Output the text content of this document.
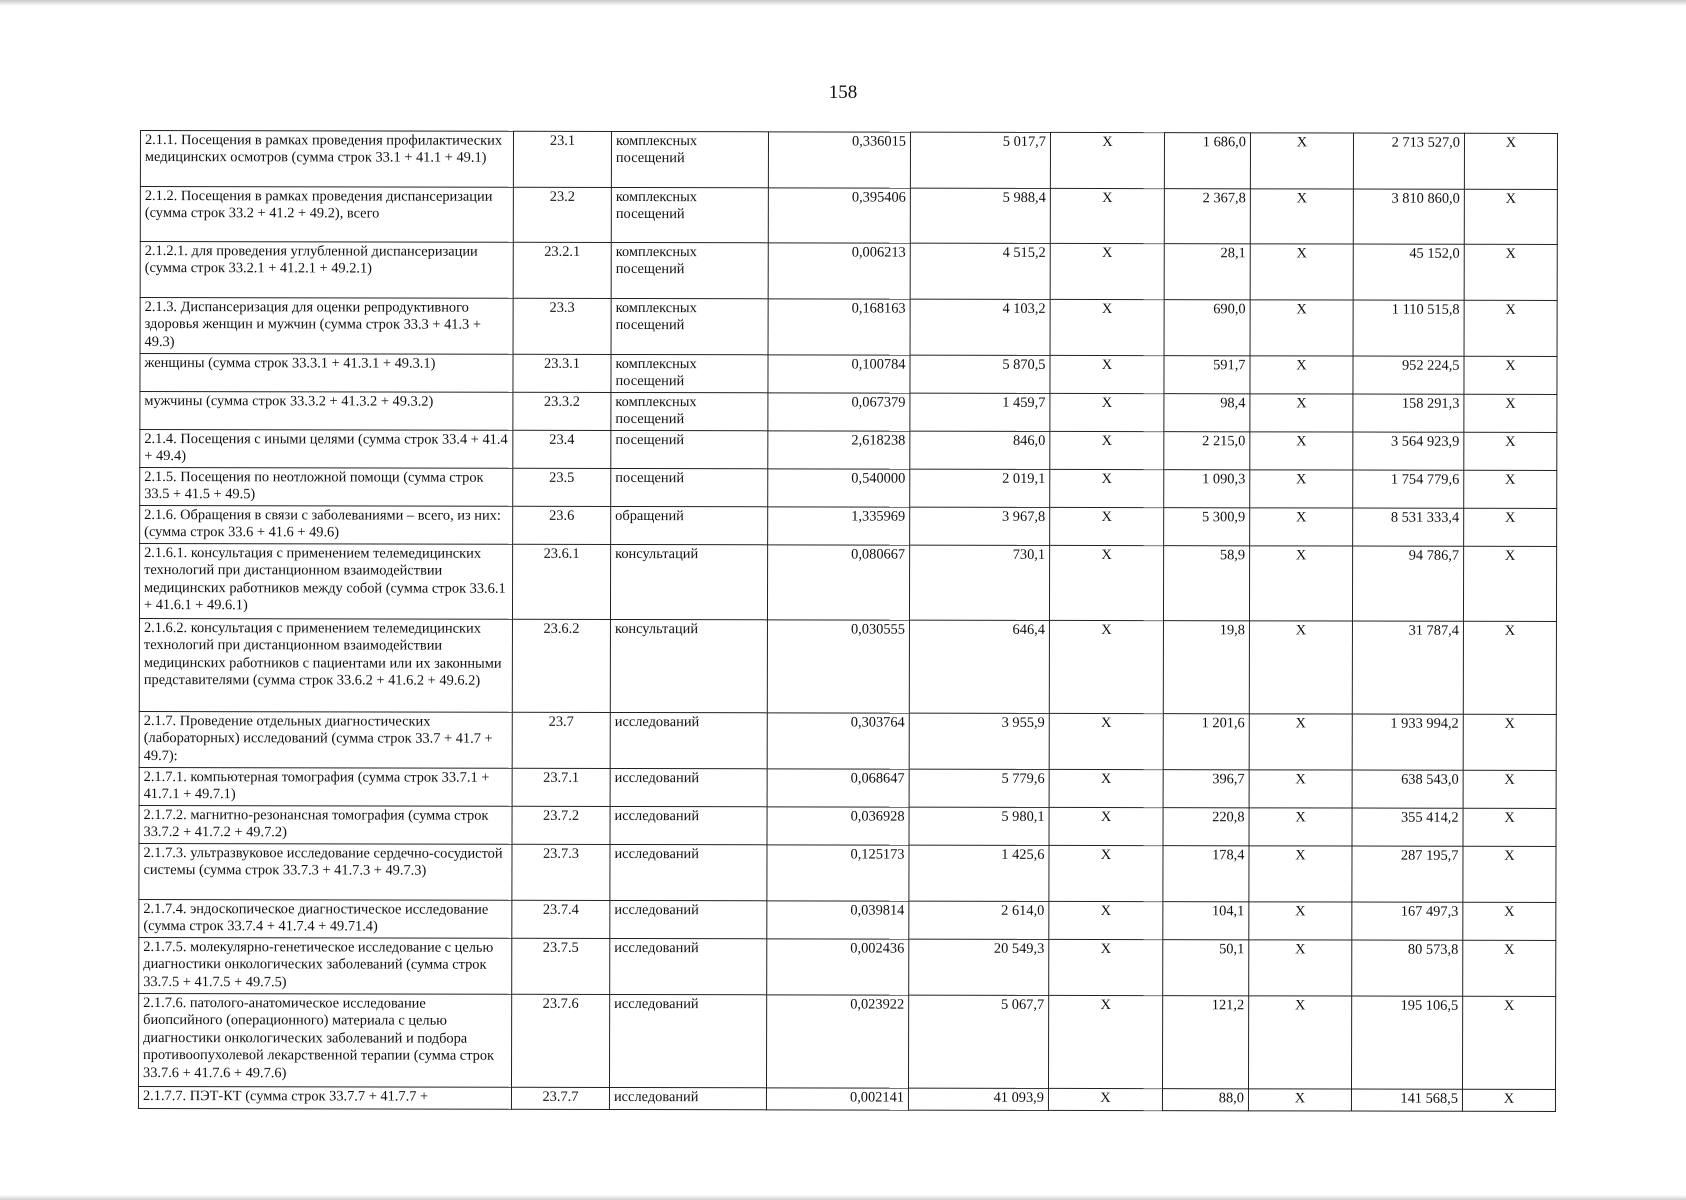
158
2.1.1. Посещения в рамках проведения профилактических медицинских осмотров (сумма строк 33.1 + 41.1 + 49.1)	23.1	комплексных посещений	0,336015	5 017,7	X	1 686,0	X	2 713 527,0	X
2.1.2. Посещения в рамках проведения диспансеризации (сумма строк 33.2 + 41.2 + 49.2), всего	23.2	комплексных посещений	0,395406	5 988,4	X	2 367,8	X	3 810 860,0	X
2.1.2.1. для проведения углубленной диспансеризации (сумма строк 33.2.1 + 41.2.1 + 49.2.1)	23.2.1	комплексных посещений	0,006213	4 515,2	X	28,1	X	45 152,0	X
2.1.3. Диспансеризация для оценки репродуктивного здоровья женщин и мужчин (сумма строк 33.3 + 41.3 + 49.3)	23.3	комплексных посещений	0,168163	4 103,2	X	690,0	X	1 110 515,8	X
женщины (сумма строк 33.3.1 + 41.3.1 + 49.3.1)	23.3.1	комплексных посещений	0,100784	5 870,5	X	591,7	X	952 224,5	X
мужчины (сумма строк 33.3.2 + 41.3.2 + 49.3.2)	23.3.2	комплексных посещений	0,067379	1 459,7	X	98,4	X	158 291,3	X
2.1.4. Посещения с иными целями (сумма строк 33.4 + 41.4 + 49.4)	23.4	посещений	2,618238	846,0	X	2 215,0	X	3 564 923,9	X
2.1.5. Посещения по неотложной помощи (сумма строк 33.5 + 41.5 + 49.5)	23.5	посещений	0,540000	2 019,1	X	1 090,3	X	1 754 779,6	X
2.1.6. Обращения в связи с заболеваниями – всего, из них: (сумма строк 33.6 + 41.6 + 49.6)	23.6	обращений	1,335969	3 967,8	X	5 300,9	X	8 531 333,4	X
2.1.6.1. консультация с применением телемедицинских технологий при дистанционном взаимодействии медицинских работников между собой (сумма строк 33.6.1 + 41.6.1 + 49.6.1)	23.6.1	консультаций	0,080667	730,1	X	58,9	X	94 786,7	X
2.1.6.2. консультация с применением телемедицинских технологий при дистанционном взаимодействии медицинских работников с пациентами или их законными представителями (сумма строк 33.6.2 + 41.6.2 + 49.6.2)	23.6.2	консультаций	0,030555	646,4	X	19,8	X	31 787,4	X
2.1.7. Проведение отдельных диагностических (лабораторных) исследований (сумма строк 33.7 + 41.7 + 49.7):	23.7	исследований	0,303764	3 955,9	X	1 201,6	X	1 933 994,2	X
2.1.7.1. компьютерная томография (сумма строк 33.7.1 + 41.7.1 + 49.7.1)	23.7.1	исследований	0,068647	5 779,6	X	396,7	X	638 543,0	X
2.1.7.2. магнитно-резонансная томография (сумма строк 33.7.2 + 41.7.2 + 49.7.2)	23.7.2	исследований	0,036928	5 980,1	X	220,8	X	355 414,2	X
2.1.7.3. ультразвуковое исследование сердечно-сосудистой системы (сумма строк 33.7.3 + 41.7.3 + 49.7.3)	23.7.3	исследований	0,125173	1 425,6	X	178,4	X	287 195,7	X
2.1.7.4. эндоскопическое диагностическое исследование (сумма строк 33.7.4 + 41.7.4 + 49.71.4)	23.7.4	исследований	0,039814	2 614,0	X	104,1	X	167 497,3	X
2.1.7.5. молекулярно-генетическое исследование с целью диагностики онкологических заболеваний (сумма строк 33.7.5 + 41.7.5 + 49.7.5)	23.7.5	исследований	0,002436	20 549,3	X	50,1	X	80 573,8	X
2.1.7.6. патолого-анатомическое исследование биопсийного (операционного) материала с целью диагностики онкологических заболеваний и подбора противоопухолевой лекарственной терапии (сумма строк 33.7.6 + 41.7.6 + 49.7.6)	23.7.6	исследований	0,023922	5 067,7	X	121,2	X	195 106,5	X
2.1.7.7. ПЭТ-КТ (сумма строк 33.7.7 + 41.7.7 +	23.7.7	исследований	0,002141	41 093,9	X	88,0	X	141 568,5	X
